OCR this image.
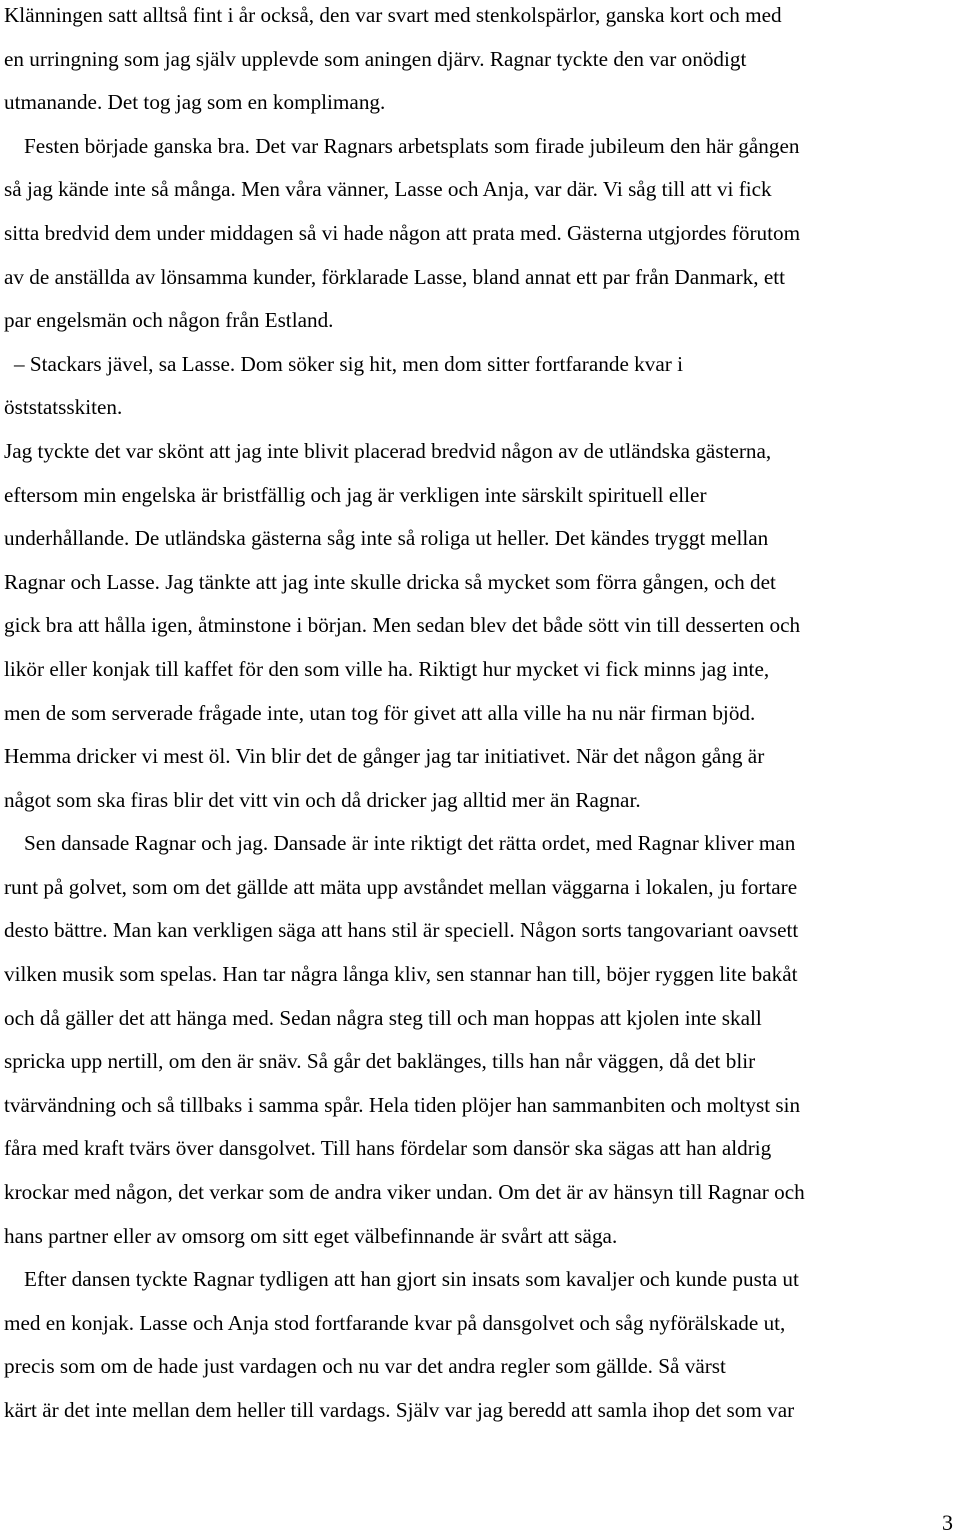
Klänningen satt alltså fint i år också, den var svart med stenkolspärlor, ganska kort och med
en urringning som jag själv upplevde som aningen djärv. Ragnar tyckte den var onödigt
utmanande. Det tog jag som en komplimang.
Festen började ganska bra. Det var Ragnars arbetsplats som firade jubileum den här gången
så jag kände inte så många. Men våra vänner, Lasse och Anja, var där. Vi såg till att vi fick
sitta bredvid dem under middagen så vi hade någon att prata med. Gästerna utgjordes förutom
av de anställda av lönsamma kunder, förklarade Lasse, bland annat ett par från Danmark, ett
par engelsmän och någon från Estland.
– Stackars jävel, sa Lasse. Dom söker sig hit, men dom sitter fortfarande kvar i
öststatsskiten.
Jag tyckte det var skönt att jag inte blivit placerad bredvid någon av de utländska gästerna,
eftersom min engelska är bristfällig och jag är verkligen inte särskilt spirituell eller
underhållande. De utländska gästerna såg inte så roliga ut heller. Det kändes tryggt mellan
Ragnar och Lasse. Jag tänkte att jag inte skulle dricka så mycket som förra gången, och det
gick bra att hålla igen, åtminstone i början. Men sedan blev det både sött vin till desserten och
likör eller konjak till kaffet för den som ville ha. Riktigt hur mycket vi fick minns jag inte,
men de som serverade frågade inte, utan tog för givet att alla ville ha nu när firman bjöd.
Hemma dricker vi mest öl. Vin blir det de gånger jag tar initiativet. När det någon gång är
något som ska firas blir det vitt vin och då dricker jag alltid mer än Ragnar.
Sen dansade Ragnar och jag. Dansade är inte riktigt det rätta ordet, med Ragnar kliver man
runt på golvet, som om det gällde att mäta upp avståndet mellan väggarna i lokalen, ju fortare
desto bättre. Man kan verkligen säga att hans stil är speciell. Någon sorts tangovariant oavsett
vilken musik som spelas. Han tar några långa kliv, sen stannar han till, böjer ryggen lite bakåt
och då gäller det att hänga med. Sedan några steg till och man hoppas att kjolen inte skall
spricka upp nertill, om den är snäv. Så går det baklänges, tills han når väggen, då det blir
tvärvändning och så tillbaks i samma spår. Hela tiden plöjer han sammanbiten och moltyst sin
fåra med kraft tvärs över dansgolvet. Till hans fördelar som dansör ska sägas att han aldrig
krockar med någon, det verkar som de andra viker undan. Om det är av hänsyn till Ragnar och
hans partner eller av omsorg om sitt eget välbefinnande är svårt att säga.
Efter dansen tyckte Ragnar tydligen att han gjort sin insats som kavaljer och kunde pusta ut
med en konjak. Lasse och Anja stod fortfarande kvar på dansgolvet och såg nyförälskade ut,
precis som om de hade just vardagen och nu var det andra regler som gällde. Så värst
kärt är det inte mellan dem heller till vardags. Själv var jag beredd att samla ihop det som var
3
